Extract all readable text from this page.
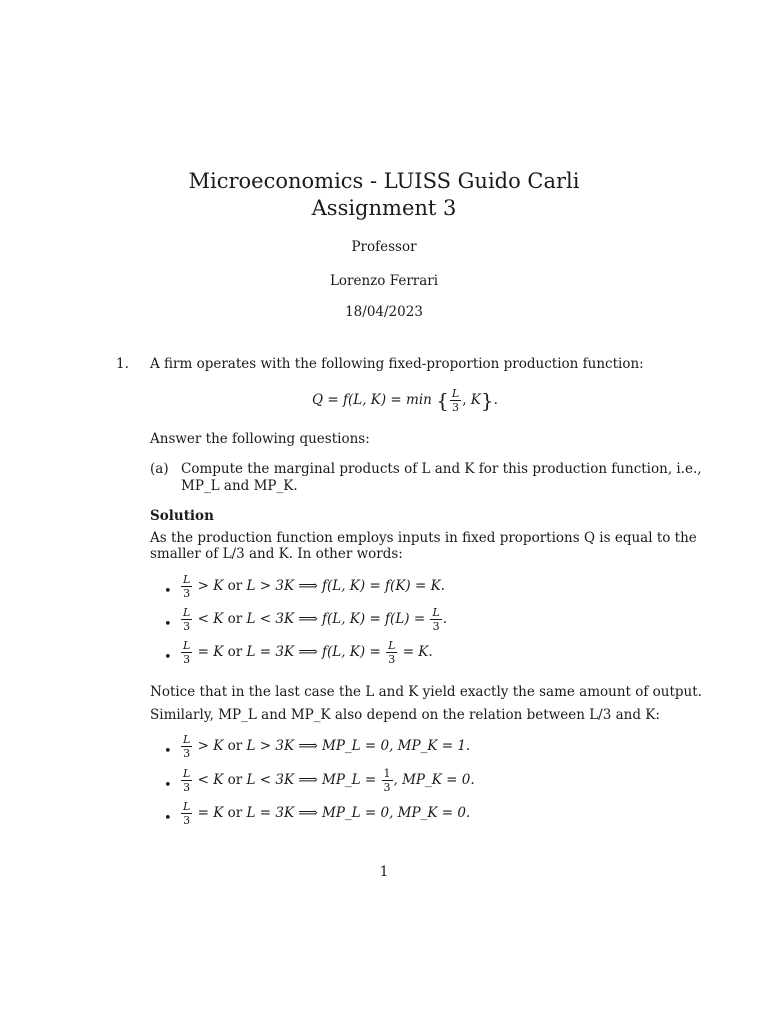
Microeconomics - LUISS Guido Carli
Assignment 3
Professor
Lorenzo Ferrari
18/04/2023
1. A firm operates with the following fixed-proportion production function:
Q = f(L, K) = min { $\frac{L}{3}$ , K}.
Answer the following questions:
(a) Compute the marginal products of L and K for this production function, i.e.,
MP_L and MP_K.
Solution
As the production function employs inputs in fixed proportions Q is equal to the
smaller of L/3 and K. In other words:
• $\frac{L}{3} > K$ or L > 3K ⟹ f(L, K) = f(K) = K.
• $\frac{L}{3} < K$ or L < 3K ⟹ f(L, $K) = f(L) = \frac{L}{3}$ .
• $\frac{L}{3} = K$ or L = 3K ⟹ f(L, $K) = \frac{L}{3} = K$.
Notice that in the last case the L and K yield exactly the same amount of output.
Similarly, MP_L and MP_K also depend on the relation between L/3 and K:
• $\frac{L}{3} > K$ or L > 3K ⟹ MP_L = 0, MP_K = 1.
• $\frac{L}{3} < K$ or L < 3K ⟹ MP_L = $\frac{1}{3}$ , MP_K = 0.
• $\frac{L}{3} = K$ or L = 3K ⟹ MP_L = 0, MP_K = 0.
1
